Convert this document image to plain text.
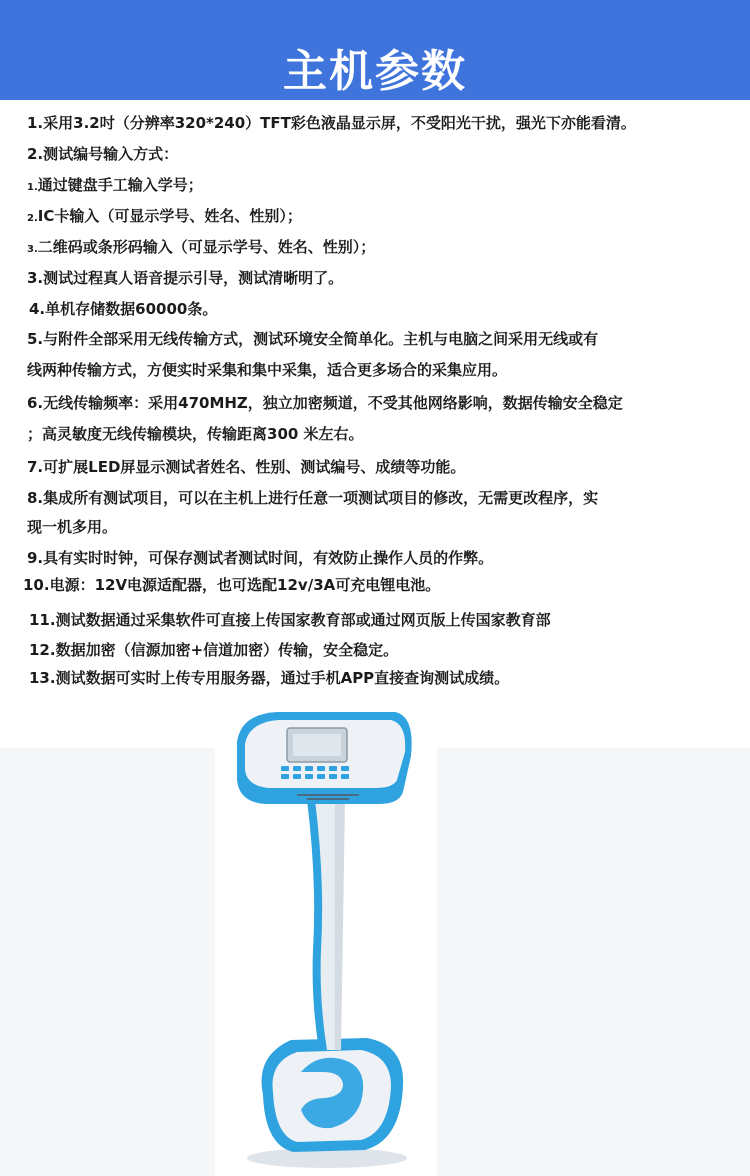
主机参数
1.采用3.2吋（分辨率320*240）TFT彩色液晶显示屏，不受阳光干扰，强光下亦能看清。
2.测试编号输入方式：
1.通过键盘手工输入学号；
2.IC卡输入（可显示学号、姓名、性别）；
3.二维码或条形码输入（可显示学号、姓名、性别）；
3.测试过程真人语音提示引导，测试清晰明了。
4.单机存储数据60000条。
5.与附件全部采用无线传输方式，测试环境安全简单化。主机与电脑之间采用无线或有
线两种传输方式，方便实时采集和集中采集，适合更多场合的采集应用。
6.无线传输频率：采用470MHZ，独立加密频道，不受其他网络影响，数据传输安全稳定
；高灵敏度无线传输模块，传输距离300 米左右。
7.可扩展LED屏显示测试者姓名、性别、测试编号、成绩等功能。
8.集成所有测试项目，可以在主机上进行任意一项测试项目的修改，无需更改程序，实
现一机多用。
9.具有实时时钟，可保存测试者测试时间，有效防止操作人员的作弊。
10.电源：12V电源适配器，也可选配12v/3A可充电锂电池。
11.测试数据通过采集软件可直接上传国家教育部或通过网页版上传国家教育部
12.数据加密（信源加密+信道加密）传输，安全稳定。
13.测试数据可实时上传专用服务器，通过手机APP直接查询测试成绩。
